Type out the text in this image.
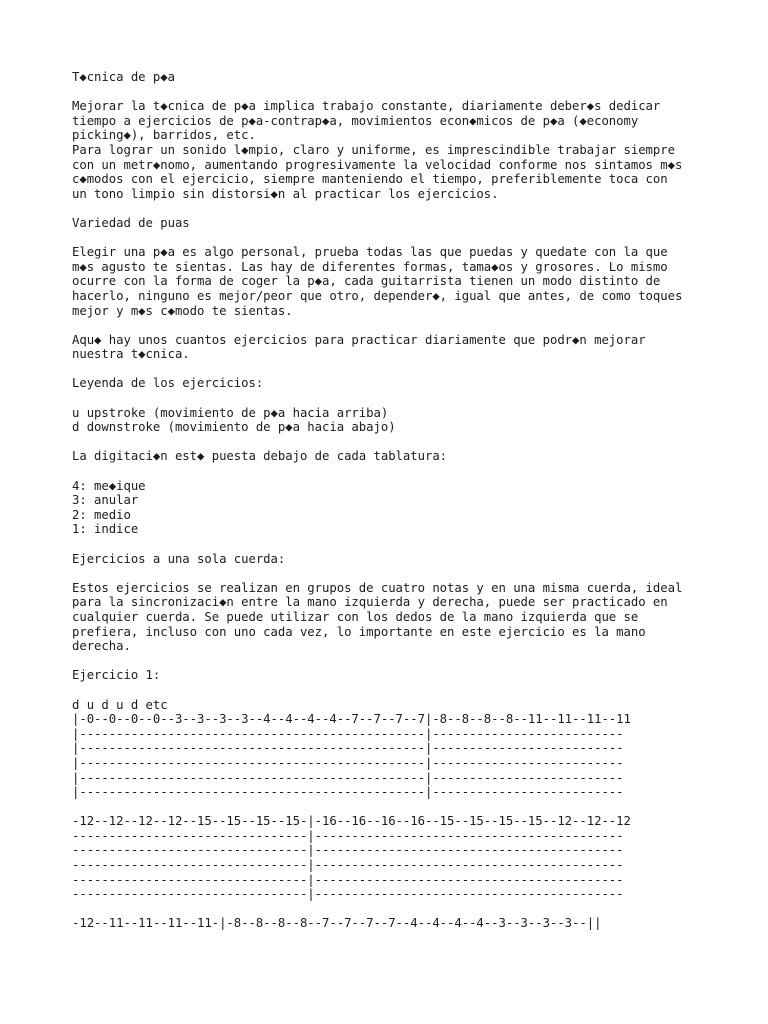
T◆cnica de p◆a
Mejorar la t◆cnica de p◆a implica trabajo constante, diariamente deber◆s dedicar
tiempo a ejercicios de p◆a-contrap◆a, movimientos econ◆micos de p◆a (◆economy
picking◆), barridos, etc.
Para lograr un sonido l◆mpio, claro y uniforme, es imprescindible trabajar siempre
con un metr◆nomo, aumentando progresivamente la velocidad conforme nos sintamos m◆s
c◆modos con el ejercicio, siempre manteniendo el tiempo, preferiblemente toca con
un tono limpio sin distorsi◆n al practicar los ejercicios.
Variedad de puas
Elegir una p◆a es algo personal, prueba todas las que puedas y quedate con la que
m◆s agusto te sientas. Las hay de diferentes formas, tama◆os y grosores. Lo mismo
ocurre con la forma de coger la p◆a, cada guitarrista tienen un modo distinto de
hacerlo, ninguno es mejor/peor que otro, depender◆, igual que antes, de como toques
mejor y m◆s c◆modo te sientas.
Aqu◆ hay unos cuantos ejercicios para practicar diariamente que podr◆n mejorar
nuestra t◆cnica.
Leyenda de los ejercicios:
u upstroke (movimiento de p◆a hacia arriba)
d downstroke (movimiento de p◆a hacia abajo)
La digitaci◆n est◆ puesta debajo de cada tablatura:
4: me◆ique
3: anular
2: medio
1: indice
Ejercicios a una sola cuerda:
Estos ejercicios se realizan en grupos de cuatro notas y en una misma cuerda, ideal
para la sincronizaci◆n entre la mano izquierda y derecha, puede ser practicado en
cualquier cuerda. Se puede utilizar con los dedos de la mano izquierda que se
prefiera, incluso con uno cada vez, lo importante en este ejercicio es la mano
derecha.
Ejercicio 1:
d u d u d etc
|-0--0--0--0--3--3--3--3--4--4--4--4--7--7--7--7|-8--8--8--8--11--11--11--11
|-----------------------------------------------|--------------------------
|-----------------------------------------------|--------------------------
|-----------------------------------------------|--------------------------
|-----------------------------------------------|--------------------------
|-----------------------------------------------|--------------------------
-12--12--12--12--15--15--15--15-|-16--16--16--16--15--15--15--15--12--12--12
--------------------------------|------------------------------------------
--------------------------------|------------------------------------------
--------------------------------|------------------------------------------
--------------------------------|------------------------------------------
--------------------------------|------------------------------------------
-12--11--11--11--11-|-8--8--8--8--7--7--7--7--4--4--4--4--3--3--3--3--||
